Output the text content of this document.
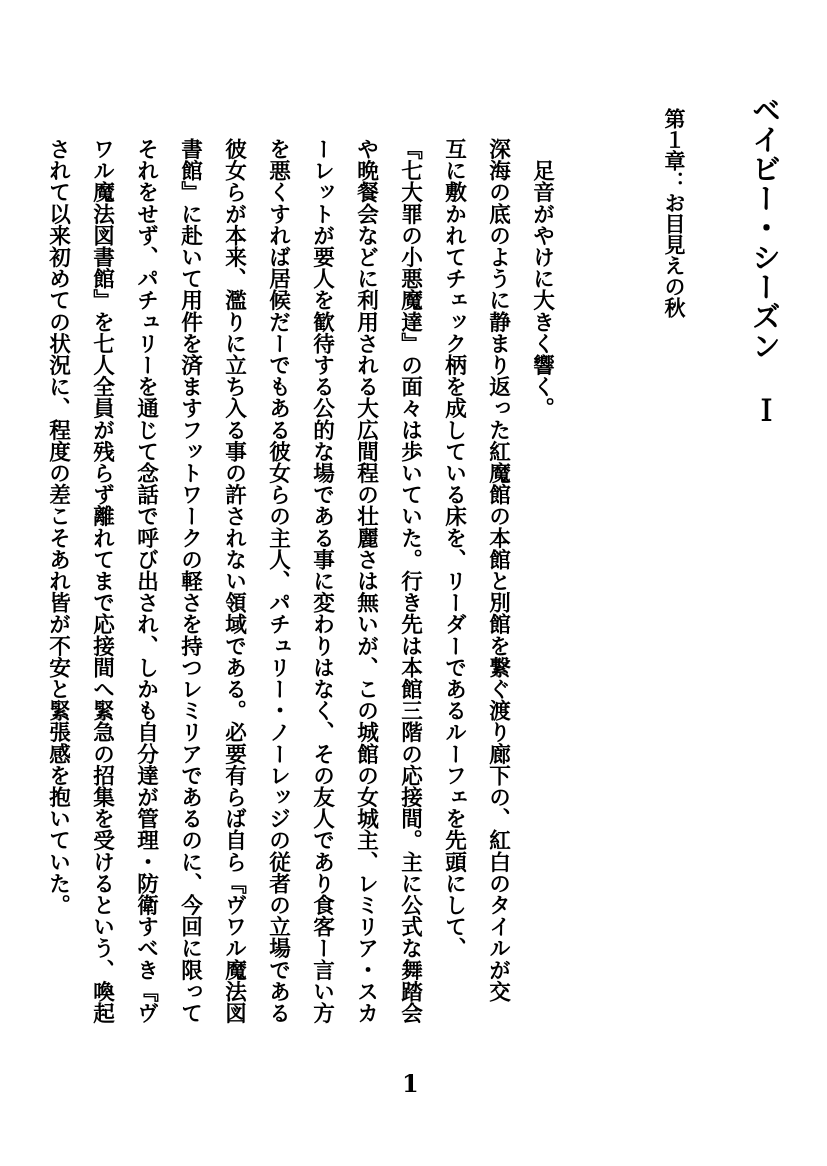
ベイビー・シーズン Ｉ
第１章：お目見えの秋
　足音がやけに大きく響く。
深海の底のように静まり返った紅魔館の本館と別館を繋ぐ渡り廊下の、紅白のタイルが交
互に敷かれてチェック柄を成している床を、リーダーであるルーフェを先頭にして、
『七大罪の小悪魔達』の面々は歩いていた。行き先は本館三階の応接間。主に公式な舞踏会
や晩餐会などに利用される大広間程の壮麗さは無いが、この城館の女城主、レミリア・スカ
ーレットが要人を歓待する公的な場である事に変わりはなく、その友人であり食客ー言い方
を悪くすれば居候だーでもある彼女らの主人、パチュリー・ノーレッジの従者の立場である
彼女らが本来、濫りに立ち入る事の許されない領域である。必要有らば自ら『ヴワル魔法図
書館』に赴いて用件を済ますフットワークの軽さを持つレミリアであるのに、今回に限って
それをせず、パチュリーを通じて念話で呼び出され、しかも自分達が管理・防衛すべき『ヴ
ワル魔法図書館』を七人全員が残らず離れてまで応接間へ緊急の招集を受けるという、喚起
されて以来初めての状況に、程度の差こそあれ皆が不安と緊張感を抱いていた。
1
